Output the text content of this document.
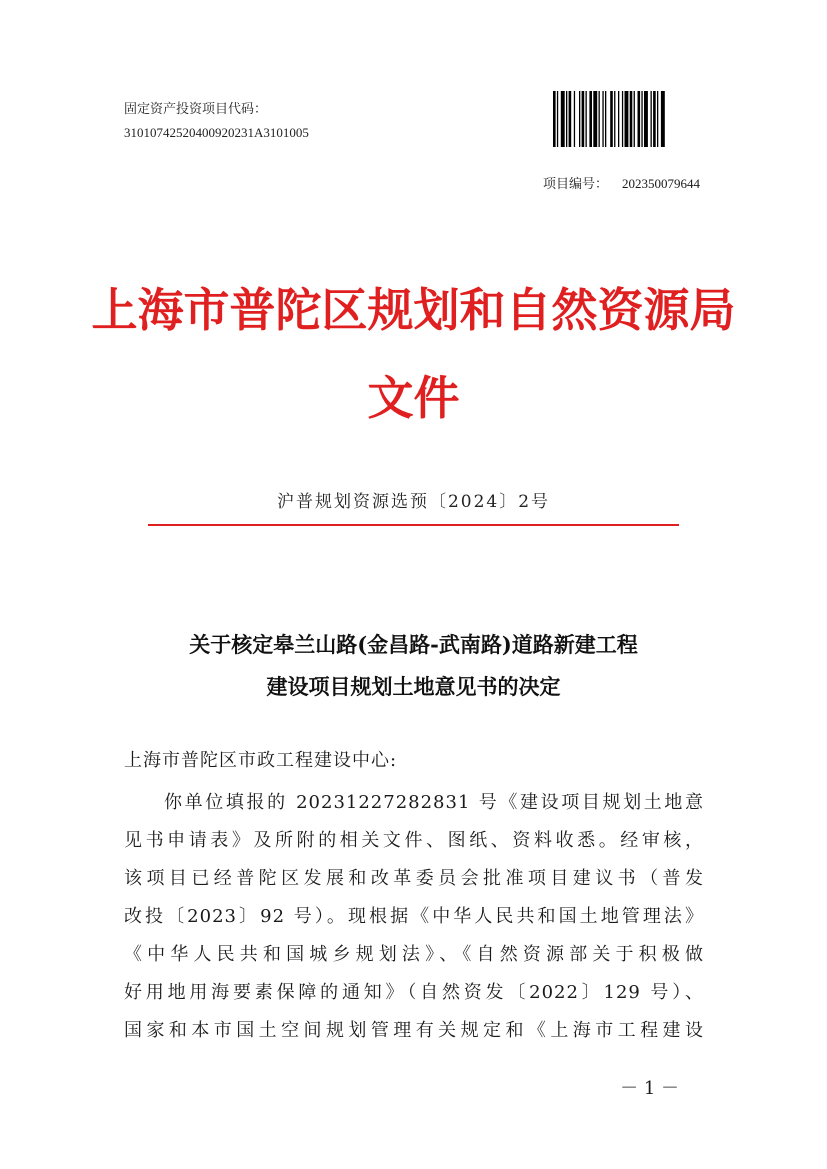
固定资产投资项目代码：
31010742520400920231A3101005
项目编号： 202350079644
上海市普陀区规划和自然资源局
文件
沪普规划资源选预〔2024〕2号
关于核定皋兰山路(金昌路-武南路)道路新建工程
建设项目规划土地意见书的决定
上海市普陀区市政工程建设中心:
你单位填报的 20231227282831 号《建设项目规划土地意
见书申请表》及所附的相关文件、图纸、资料收悉。经审核，
该项目已经普陀区发展和改革委员会批准项目建议书（普发
改投〔2023〕92 号）。现根据《中华人民共和国土地管理法》
《中华人民共和国城乡规划法》、《自然资源部关于积极做
好用地用海要素保障的通知》（自然资发〔2022〕129 号）、
国家和本市国土空间规划管理有关规定和《上海市工程建设
－ 1 －
